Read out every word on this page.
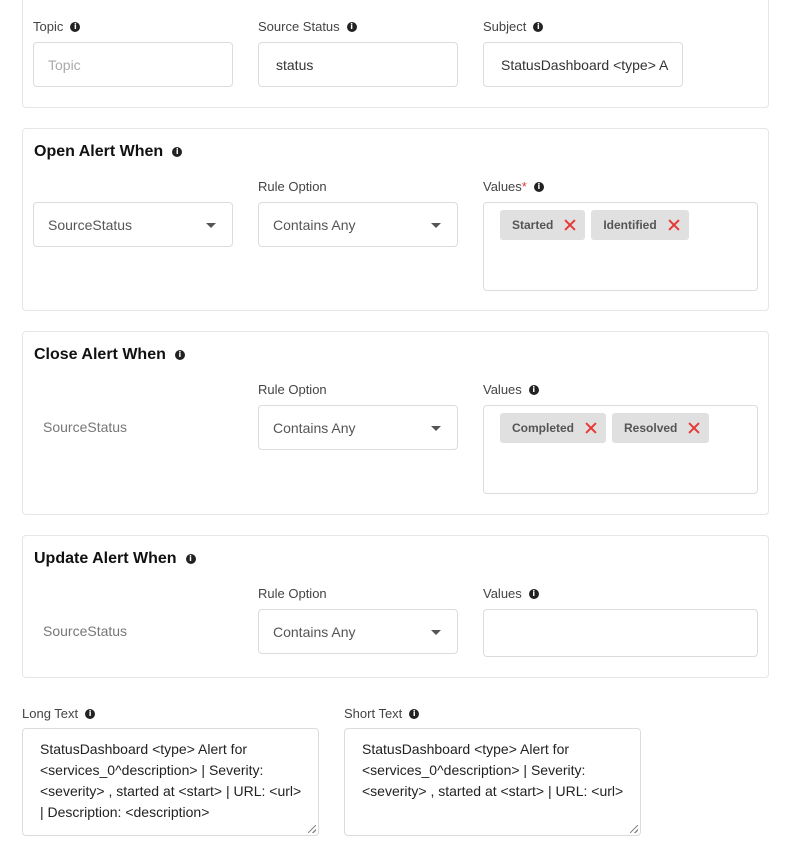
Topic	i
Topic
Source Status	i
status
Subject	i
StatusDashboard <type> A
Open Alert When	i
Rule Option	Values *	i
SourceStatus	Contains Any	Started	Identified
Close Alert When	i
Rule Option	Values	i
SourceStatus	Contains Any	Completed	Resolved
Update Alert When	i
Rule Option	Values	i
SourceStatus	Contains Any
Long Text	i
StatusDashboard <type> Alert for <services_0^description> | Severity: <severity> , started at <start> | URL: <url> | Description: <description>
Short Text	i
StatusDashboard <type> Alert for <services_0^description> | Severity: <severity> , started at <start> | URL: <url>
